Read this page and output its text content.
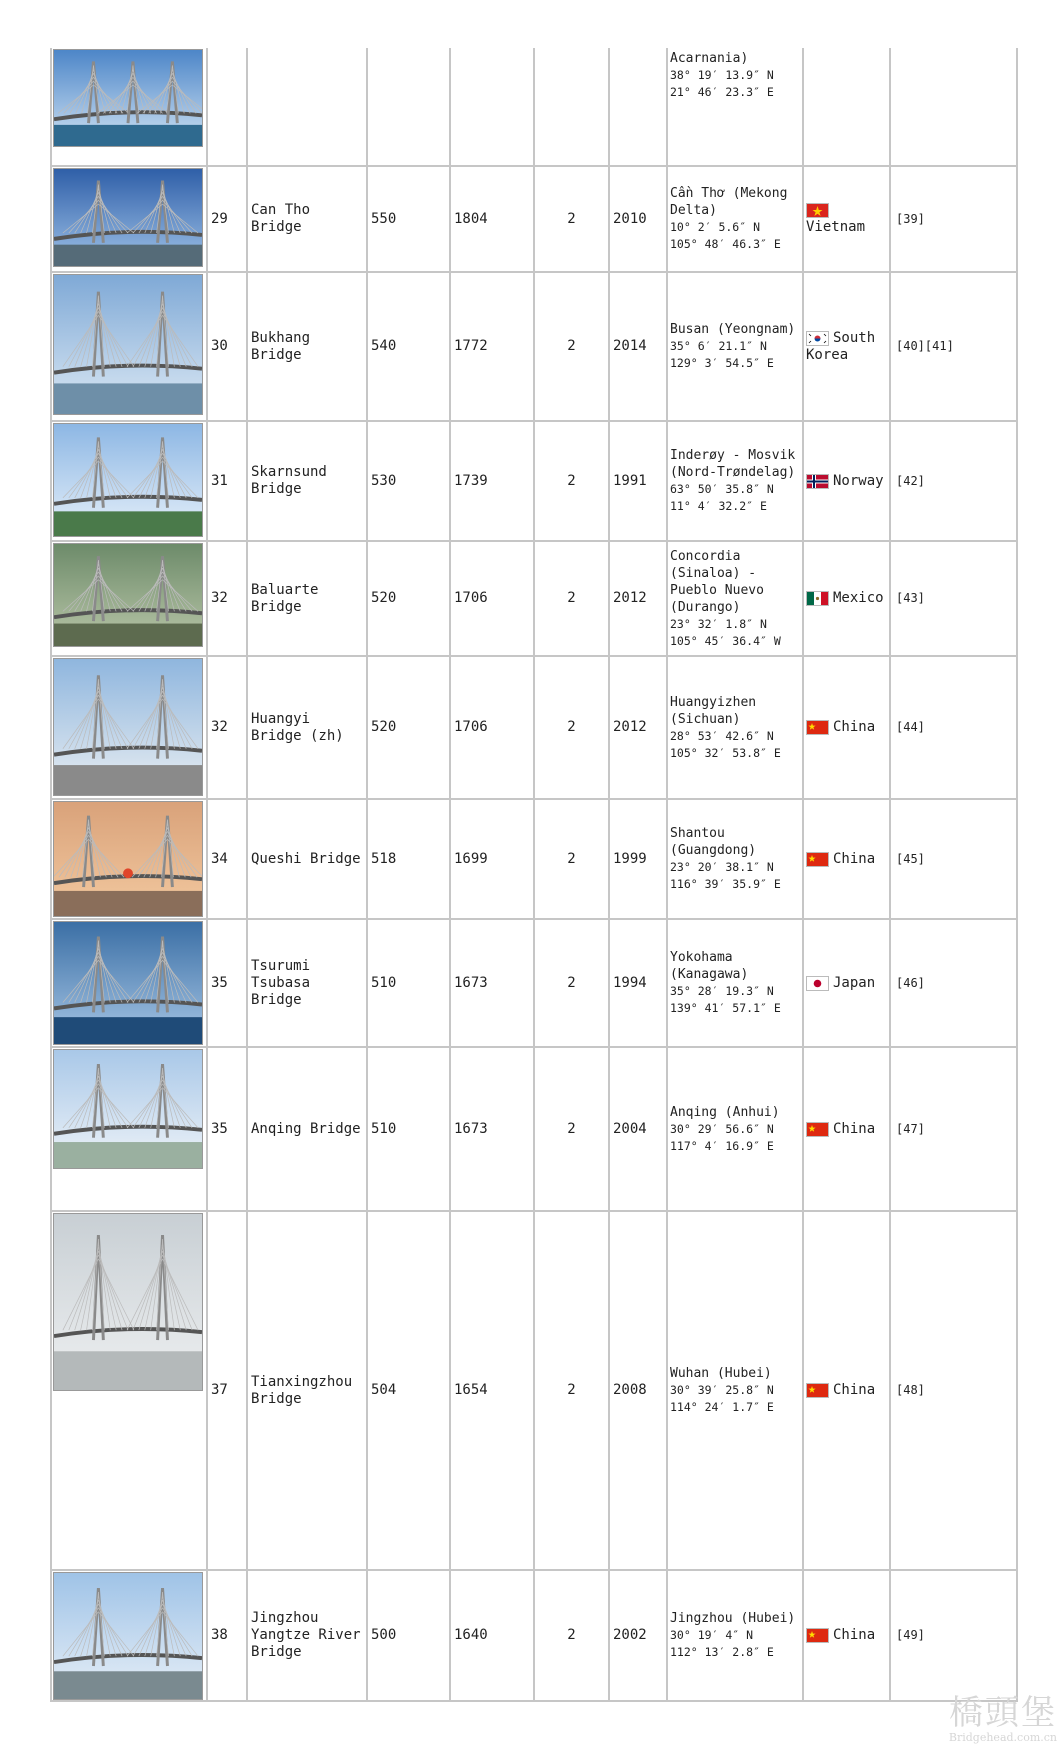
							Acarnania)
38° 19′ 13.9″ N
21° 46′ 23.3″ E		

	29	Can Tho Bridge	550	1804	2	2010	Cần Thơ (Mekong Delta)
10° 2′ 5.6″ N
105° 48′ 46.3″ E	Vietnam	[39]

	30	Bukhang Bridge	540	1772	2	2014	Busan (Yeongnam)
35° 6′ 21.1″ N
129° 3′ 54.5″ E	South Korea	[40][41]

	31	Skarnsund Bridge	530	1739	2	1991	Inderøy - Mosvik (Nord-Trøndelag)
63° 50′ 35.8″ N
11° 4′ 32.2″ E	Norway	[42]

	32	Baluarte Bridge	520	1706	2	2012	Concordia (Sinaloa) - Pueblo Nuevo (Durango)
23° 32′ 1.8″ N
105° 45′ 36.4″ W	Mexico	[43]

	32	Huangyi Bridge (zh)	520	1706	2	2012	Huangyizhen (Sichuan)
28° 53′ 42.6″ N
105° 32′ 53.8″ E	China	[44]

	34	Queshi Bridge	518	1699	2	1999	Shantou (Guangdong)
23° 20′ 38.1″ N
116° 39′ 35.9″ E	China	[45]

	35	Tsurumi Tsubasa Bridge	510	1673	2	1994	Yokohama (Kanagawa)
35° 28′ 19.3″ N
139° 41′ 57.1″ E	Japan	[46]

	35	Anqing Bridge	510	1673	2	2004	Anqing (Anhui)
30° 29′ 56.6″ N
117° 4′ 16.9″ E	China	[47]

	37	Tianxingzhou Bridge	504	1654	2	2008	Wuhan (Hubei)
30° 39′ 25.8″ N
114° 24′ 1.7″ E	China	[48]

	38	Jingzhou Yangtze River Bridge	500	1640	2	2002	Jingzhou (Hubei)
30° 19′ 4″ N
112° 13′ 2.8″ E	China	[49]
橋頭堡
Bridgehead.com.cn
